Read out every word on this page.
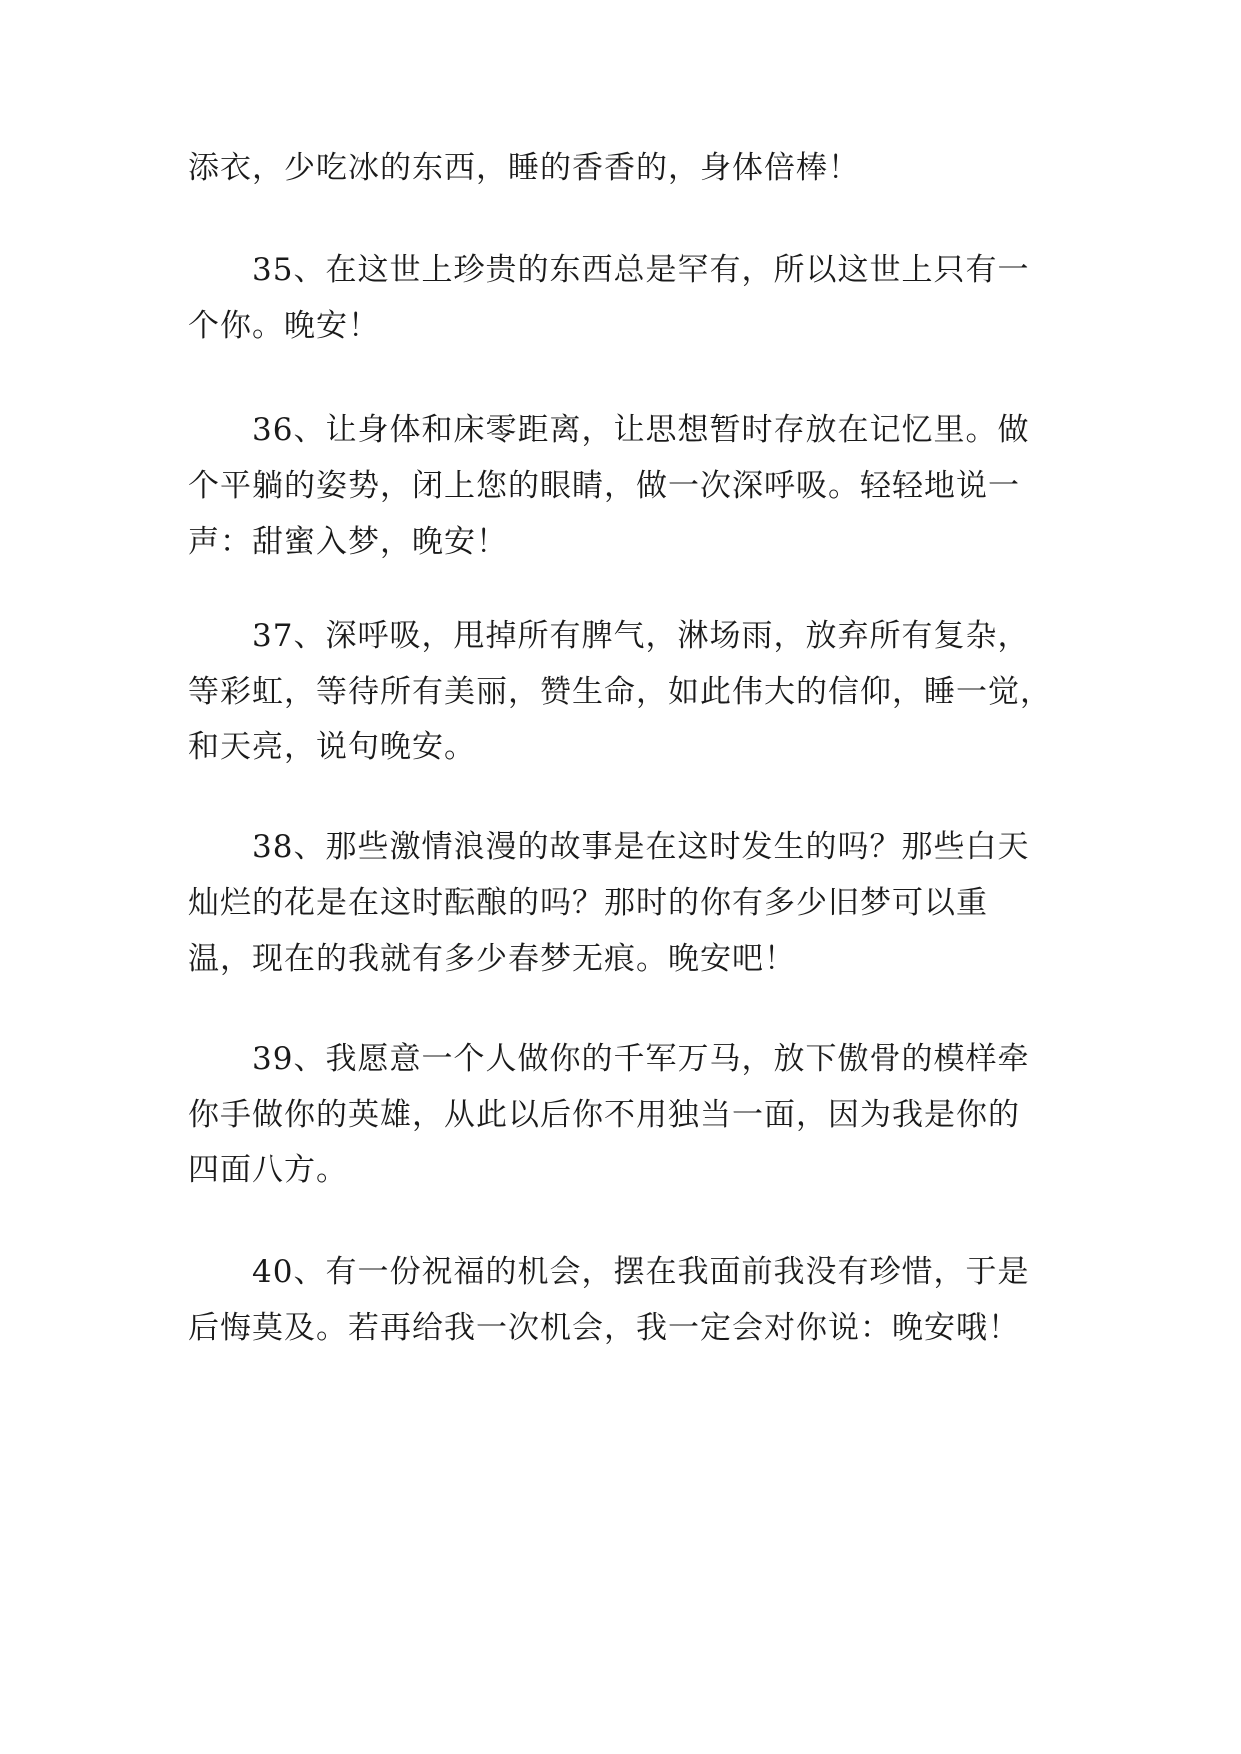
添衣，少吃冰的东西，睡的香香的，身体倍棒！
35、在这世上珍贵的东西总是罕有，所以这世上只有一
个你。晚安！
36、让身体和床零距离，让思想暂时存放在记忆里。做
个平躺的姿势，闭上您的眼睛，做一次深呼吸。轻轻地说一
声：甜蜜入梦，晚安！
37、深呼吸，甩掉所有脾气，淋场雨，放弃所有复杂，
等彩虹，等待所有美丽，赞生命，如此伟大的信仰，睡一觉，
和天亮，说句晚安。
38、那些激情浪漫的故事是在这时发生的吗？那些白天
灿烂的花是在这时酝酿的吗？那时的你有多少旧梦可以重
温，现在的我就有多少春梦无痕。晚安吧！
39、我愿意一个人做你的千军万马，放下傲骨的模样牵
你手做你的英雄，从此以后你不用独当一面，因为我是你的
四面八方。
40、有一份祝福的机会，摆在我面前我没有珍惜，于是
后悔莫及。若再给我一次机会，我一定会对你说：晚安哦！
